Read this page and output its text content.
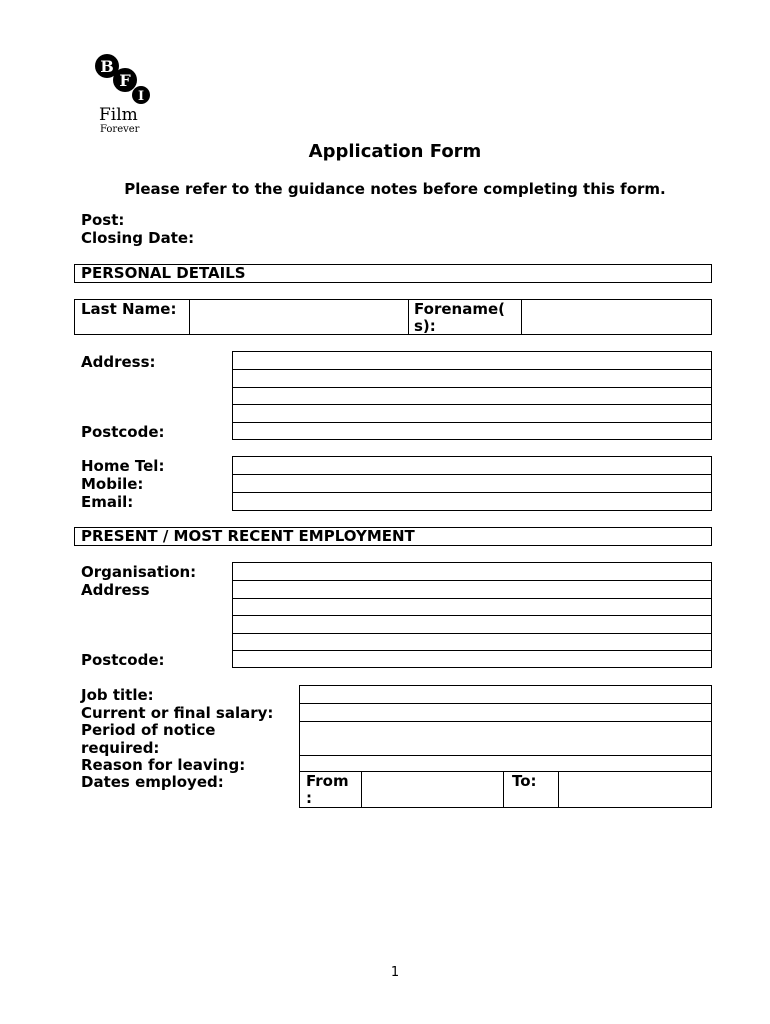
B
F
I
Film
Forever
Application Form
Please refer to the guidance notes before completing this form.
Post:
Closing Date:
PERSONAL DETAILS
Last Name:	Forename(
s):
Address:
Postcode:
Home Tel:
Mobile:
Email:
PRESENT / MOST RECENT EMPLOYMENT
Organisation:
Address
Postcode:
Job title:
Current or final salary:
Period of notice
required:
Reason for leaving:
Dates employed:	From
:
To:
1
